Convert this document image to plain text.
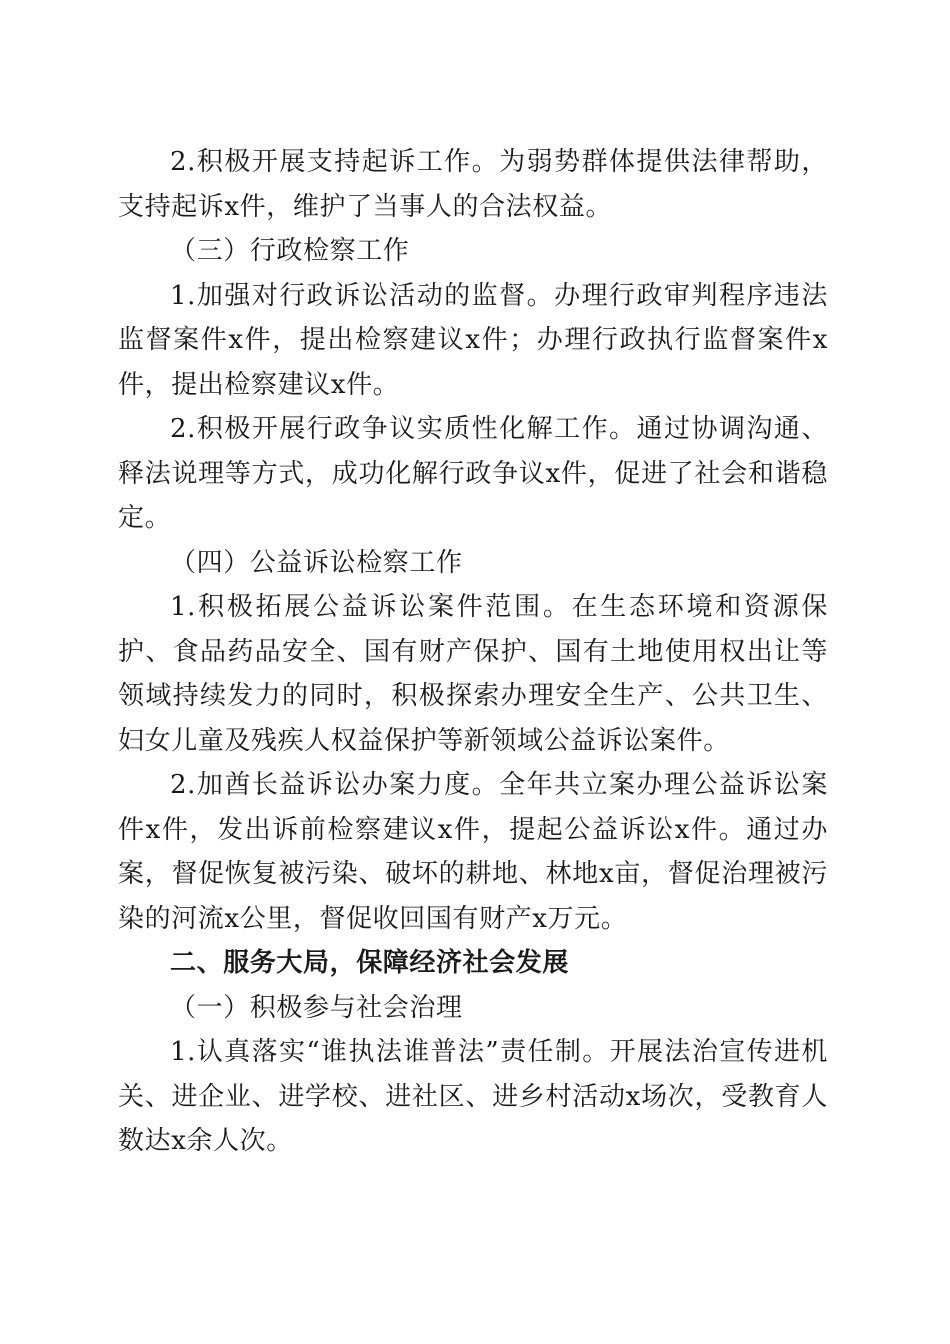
2.积极开展支持起诉工作。为弱势群体提供法律帮助，支持起诉x件，维护了当事人的合法权益。

（三）行政检察工作

1.加强对行政诉讼活动的监督。办理行政审判程序违法监督案件x件，提出检察建议x件；办理行政执行监督案件x件，提出检察建议x件。

2.积极开展行政争议实质性化解工作。通过协调沟通、释法说理等方式，成功化解行政争议x件，促进了社会和谐稳定。

（四）公益诉讼检察工作

1.积极拓展公益诉讼案件范围。在生态环境和资源保护、食品药品安全、国有财产保护、国有土地使用权出让等领域持续发力的同时，积极探索办理安全生产、公共卫生、妇女儿童及残疾人权益保护等新领域公益诉讼案件。

2.加酋长益诉讼办案力度。全年共立案办理公益诉讼案件x件，发出诉前检察建议x件，提起公益诉讼x件。通过办案，督促恢复被污染、破坏的耕地、林地x亩，督促治理被污染的河流x公里，督促收回国有财产x万元。

二、服务大局，保障经济社会发展

（一）积极参与社会治理

1.认真落实“谁执法谁普法”责任制。开展法治宣传进机关、进企业、进学校、进社区、进乡村活动x场次，受教育人数达x余人次。
